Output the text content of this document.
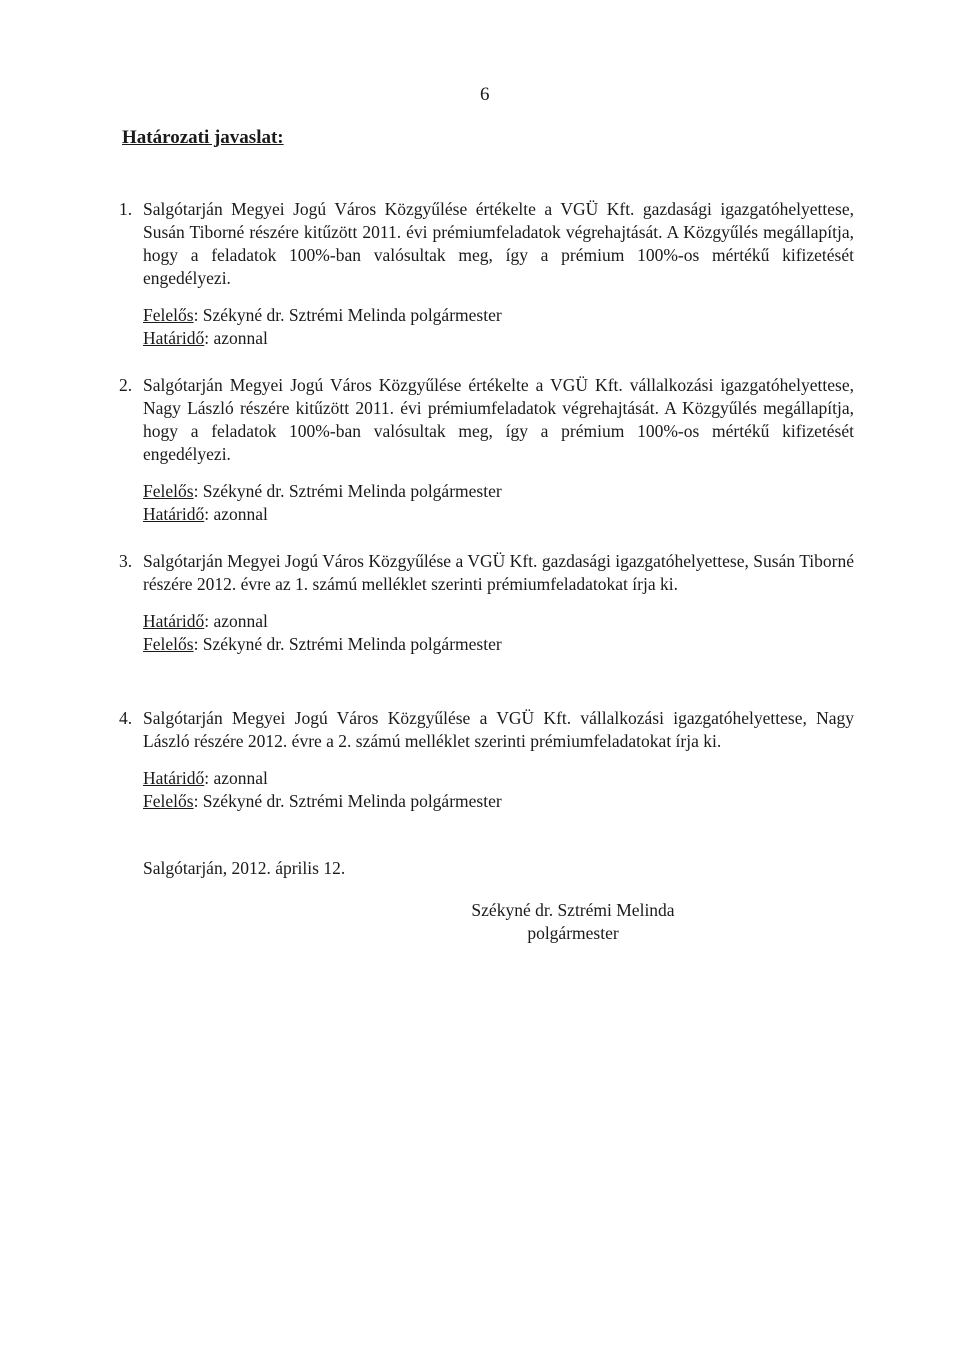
6
Határozati javaslat:
1. Salgótarján Megyei Jogú Város Közgyűlése értékelte a VGÜ Kft. gazdasági igazgatóhelyettese, Susán Tiborné részére kitűzött 2011. évi prémiumfeladatok végrehajtását. A Közgyűlés megállapítja, hogy a feladatok 100%-ban valósultak meg, így a prémium 100%-os mértékű kifizetését engedélyezi.
Felelős: Székyné dr. Sztrémi Melinda polgármester
Határidő: azonnal
2. Salgótarján Megyei Jogú Város Közgyűlése értékelte a VGÜ Kft. vállalkozási igazgatóhelyettese, Nagy László részére kitűzött 2011. évi prémiumfeladatok végrehajtását. A Közgyűlés megállapítja, hogy a feladatok 100%-ban valósultak meg, így a prémium 100%-os mértékű kifizetését engedélyezi.
Felelős: Székyné dr. Sztrémi Melinda polgármester
Határidő: azonnal
3. Salgótarján Megyei Jogú Város Közgyűlése a VGÜ Kft. gazdasági igazgatóhelyettese, Susán Tiborné részére 2012. évre az 1. számú melléklet szerinti prémiumfeladatokat írja ki.
Határidő: azonnal
Felelős: Székyné dr. Sztrémi Melinda polgármester
4. Salgótarján Megyei Jogú Város Közgyűlése a VGÜ Kft. vállalkozási igazgatóhelyettese, Nagy László részére 2012. évre a 2. számú melléklet szerinti prémiumfeladatokat írja ki.
Határidő: azonnal
Felelős: Székyné dr. Sztrémi Melinda polgármester
Salgótarján, 2012. április 12.
Székyné dr. Sztrémi Melinda
polgármester
